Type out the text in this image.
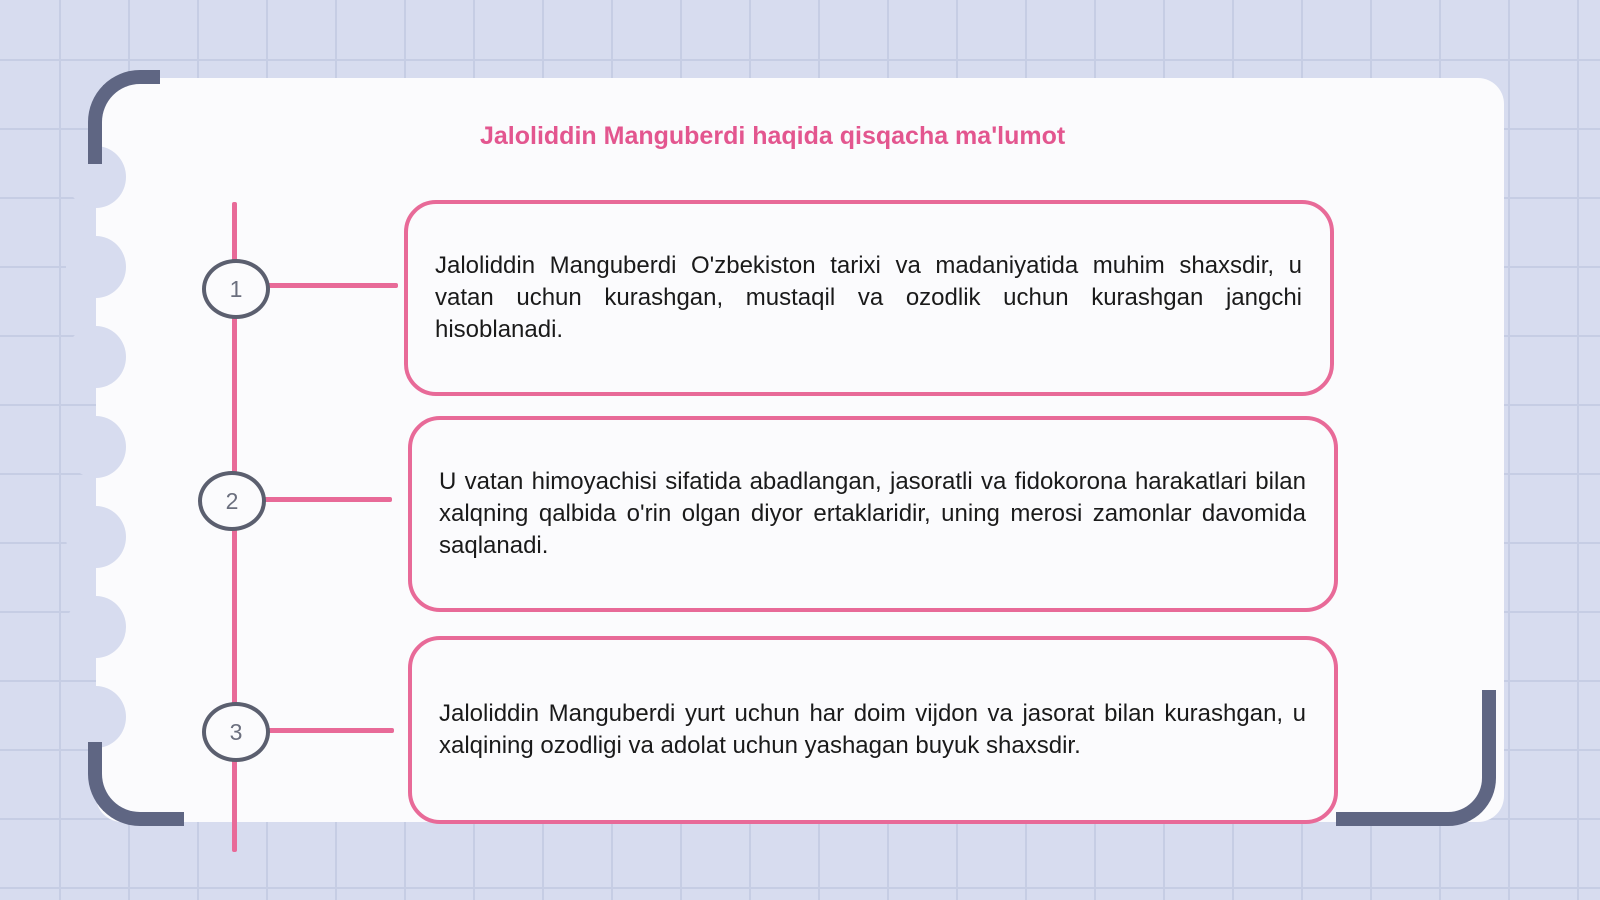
Jaloliddin Manguberdi haqida qisqacha ma'lumot
1
2
3

Jaloliddin Manguberdi O'zbekiston tarixi va madaniyatida muhim shaxsdir, u vatan uchun kurashgan, mustaqil va ozodlik uchun kurashgan jangchi hisoblanadi.

U vatan himoyachisi sifatida abadlangan, jasoratli va fidokorona harakatlari bilan xalqning qalbida o'rin olgan diyor ertaklaridir, uning merosi zamonlar davomida saqlanadi.

Jaloliddin Manguberdi yurt uchun har doim vijdon va jasorat bilan kurashgan, u xalqining ozodligi va adolat uchun yashagan buyuk shaxsdir.
